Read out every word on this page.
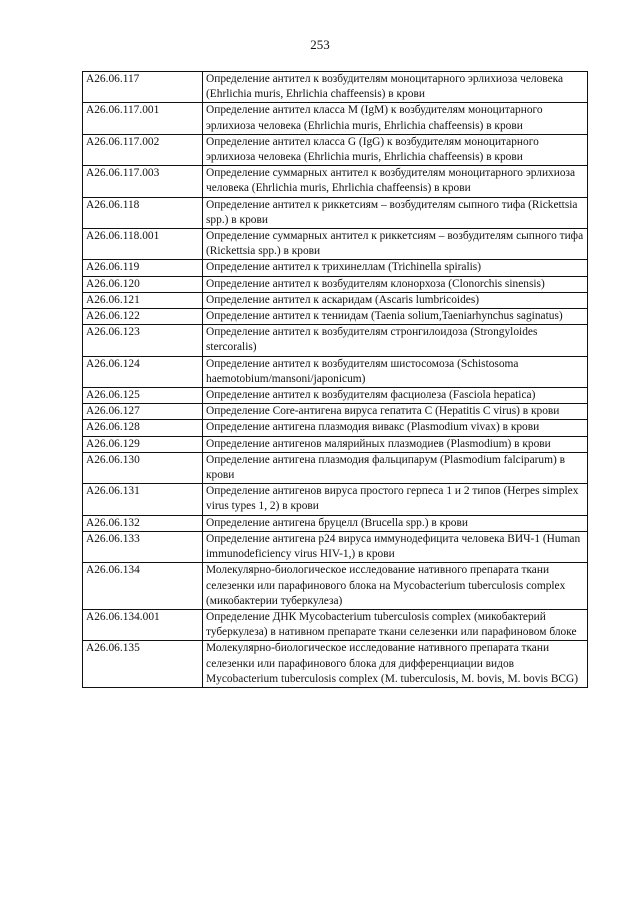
253
A26.06.117	Определение антител к возбудителям моноцитарного эрлихиоза человека (Ehrlichia muris, Ehrlichia chaffeensis) в крови
A26.06.117.001	Определение антител класса M (IgM) к возбудителям моноцитарного эрлихиоза человека (Ehrlichia muris, Ehrlichia chaffeensis) в крови
A26.06.117.002	Определение антител класса G (IgG) к возбудителям моноцитарного эрлихиоза человека (Ehrlichia muris, Ehrlichia chaffeensis) в крови
A26.06.117.003	Определение суммарных антител к возбудителям моноцитарного эрлихиоза человека (Ehrlichia muris, Ehrlichia chaffeensis) в крови
A26.06.118	Определение антител к риккетсиям – возбудителям сыпного тифа (Rickettsia spp.) в крови
A26.06.118.001	Определение суммарных антител к риккетсиям – возбудителям сыпного тифа (Rickettsia spp.) в крови
A26.06.119	Определение антител к трихинеллам (Trichinella spiralis)
A26.06.120	Определение антител к возбудителям клонорхоза (Clonorchis sinensis)
A26.06.121	Определение антител к аскаридам (Ascaris lumbricoides)
A26.06.122	Определение антител к тениидам (Taenia solium,Taeniarhynchus saginatus)
A26.06.123	Определение антител к возбудителям стронгилоидоза (Strongyloides stercoralis)
A26.06.124	Определение антител к возбудителям шистосомоза (Schistosoma haemotobium/mansoni/japonicum)
A26.06.125	Определение антител к возбудителям фасциолеза (Fasciola hepatica)
A26.06.127	Определение Core-антигена вируса гепатита C (Hepatitis C virus) в крови
A26.06.128	Определение антигена плазмодия вивакс (Plasmodium vivax) в крови
A26.06.129	Определение антигенов малярийных плазмодиев (Plasmodium) в крови
A26.06.130	Определение антигена плазмодия фальципарум (Plasmodium falciparum) в крови
A26.06.131	Определение антигенов вируса простого герпеса 1 и 2 типов (Herpes simplex virus types 1, 2) в крови
A26.06.132	Определение антигена бруцелл (Brucella spp.) в крови
A26.06.133	Определение антигена p24 вируса иммунодефицита человека ВИЧ-1 (Human immunodeficiency virus HIV-1,) в крови
A26.06.134	Молекулярно-биологическое исследование нативного препарата ткани селезенки или парафинового блока на Mycobacterium tuberculosis complex (микобактерии туберкулеза)
A26.06.134.001	Определение ДНК Mycobacterium tuberculosis complex (микобактерий туберкулеза) в нативном препарате ткани селезенки или парафиновом блоке
A26.06.135	Молекулярно-биологическое исследование нативного препарата ткани селезенки или парафинового блока для дифференциации видов Mycobacterium tuberculosis complex (M. tuberculosis, M. bovis, M. bovis BCG)
